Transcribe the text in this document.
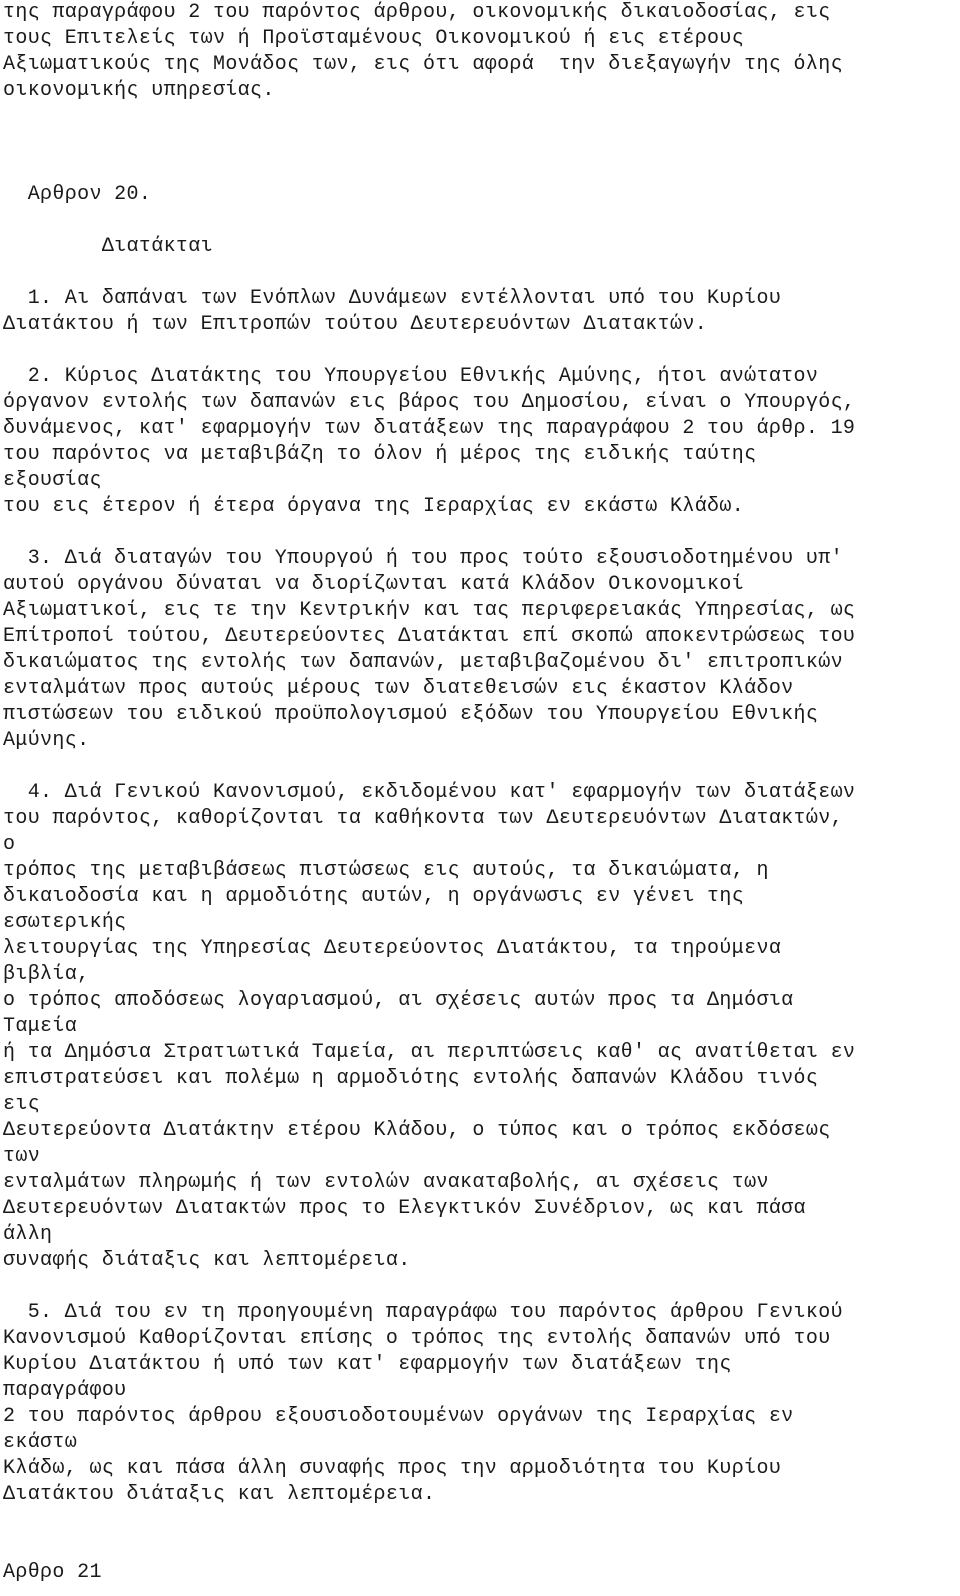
της παραγράφου 2 του παρόντος άρθρου, οικονομικής δικαιοδοσίας, εις
τους Επιτελείς των ή Προϊσταμένους Οικονομικού ή εις ετέρους
Αξιωματικούς της Μονάδος των, εις ότι αφορά  την διεξαγωγήν της όλης
οικονομικής υπηρεσίας.
Αρθρον 20.
Διατάκται
1. Αι δαπάναι των Ενόπλων Δυνάμεων εντέλλονται υπό του Κυρίου
Διατάκτου ή των Επιτροπών τούτου Δευτερευόντων Διατακτών.
2. Κύριος Διατάκτης του Υπουργείου Εθνικής Αμύνης, ήτοι ανώτατον
όργανον εντολής των δαπανών εις βάρος του Δημοσίου, είναι ο Υπουργός,
δυνάμενος, κατ' εφαρμογήν των διατάξεων της παραγράφου 2 του άρθρ. 19
του παρόντος να μεταβιβάζη το όλον ή μέρος της ειδικής ταύτης
εξουσίας
του εις έτερον ή έτερα όργανα της Ιεραρχίας εν εκάστω Κλάδω.
3. Διά διαταγών του Υπουργού ή του προς τούτο εξουσιοδοτημένου υπ'
αυτού οργάνου δύναται να διορίζωνται κατά Κλάδον Οικονομικοί
Αξιωματικοί, εις τε την Κεντρικήν και τας περιφερειακάς Υπηρεσίας, ως
Επίτροποί τούτου, Δευτερεύοντες Διατάκται επί σκοπώ αποκεντρώσεως του
δικαιώματος της εντολής των δαπανών, μεταβιβαζομένου δι' επιτροπικών
ενταλμάτων προς αυτούς μέρους των διατεθεισών εις έκαστον Κλάδον
πιστώσεων του ειδικού προϋπολογισμού εξόδων του Υπουργείου Εθνικής
Αμύνης.
4. Διά Γενικού Κανονισμού, εκδιδομένου κατ' εφαρμογήν των διατάξεων
του παρόντος, καθορίζονται τα καθήκοντα των Δευτερευόντων Διατακτών,
ο
τρόπος της μεταβιβάσεως πιστώσεως εις αυτούς, τα δικαιώματα, η
δικαιοδοσία και η αρμοδιότης αυτών, η οργάνωσις εν γένει της
εσωτερικής
λειτουργίας της Υπηρεσίας Δευτερεύοντος Διατάκτου, τα τηρούμενα
βιβλία,
ο τρόπος αποδόσεως λογαριασμού, αι σχέσεις αυτών προς τα Δημόσια
Ταμεία
ή τα Δημόσια Στρατιωτικά Ταμεία, αι περιπτώσεις καθ' ας ανατίθεται εν
επιστρατεύσει και πολέμω η αρμοδιότης εντολής δαπανών Κλάδου τινός
εις
Δευτερεύοντα Διατάκτην ετέρου Κλάδου, ο τύπος και ο τρόπος εκδόσεως
των
ενταλμάτων πληρωμής ή των εντολών ανακαταβολής, αι σχέσεις των
Δευτερευόντων Διατακτών προς το Ελεγκτικόν Συνέδριον, ως και πάσα
άλλη
συναφής διάταξις και λεπτομέρεια.
5. Διά του εν τη προηγουμένη παραγράφω του παρόντος άρθρου Γενικού
Κανονισμού Καθορίζονται επίσης ο τρόπος της εντολής δαπανών υπό του
Κυρίου Διατάκτου ή υπό των κατ' εφαρμογήν των διατάξεων της
παραγράφου
2 του παρόντος άρθρου εξουσιοδοτουμένων οργάνων της Ιεραρχίας εν
εκάστω
Κλάδω, ως και πάσα άλλη συναφής προς την αρμοδιότητα του Κυρίου
Διατάκτου διάταξις και λεπτομέρεια.
Αρθρο 21
